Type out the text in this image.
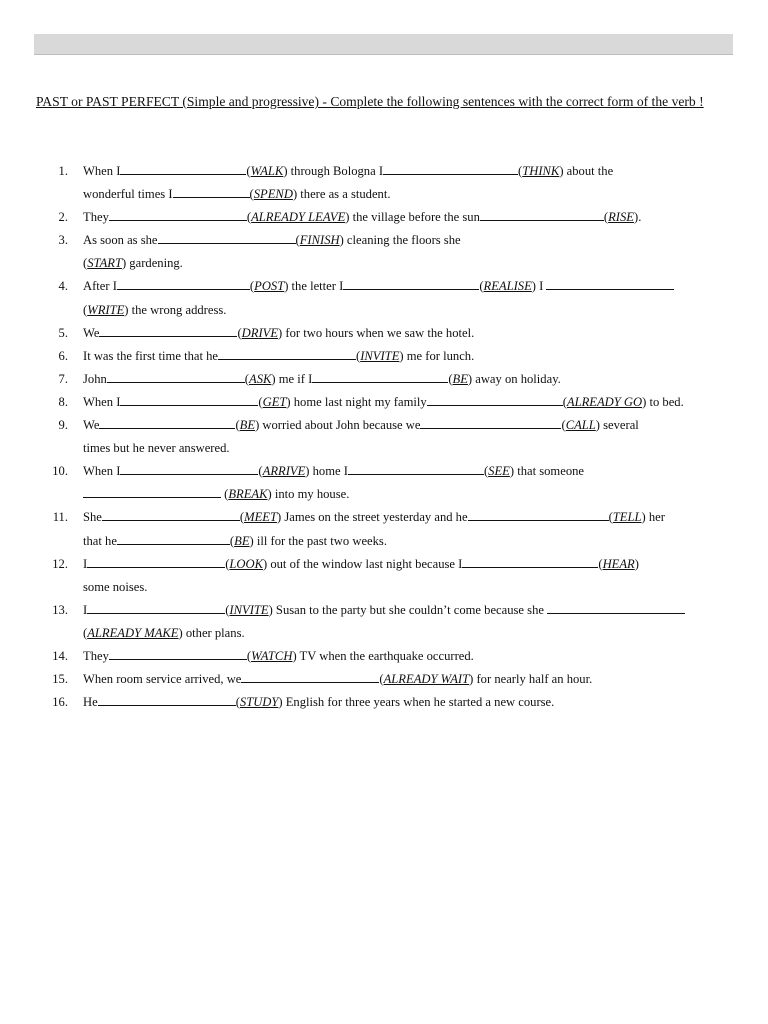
PAST or PAST PERFECT (Simple and progressive) - Complete the following sentences with the correct form of the verb !
1.	When I	(WALK) through Bologna I	(THINK) about the
wonderful times I	(SPEND) there as a student.
2.	They	(ALREADY LEAVE) the village before the sun	(RISE).
3.	As soon as she	(FINISH) cleaning the floors she
(START) gardening.
4.	After I	(POST) the letter I	(REALISE) I
(WRITE) the wrong address.
5.	We	(DRIVE) for two hours when we saw the hotel.
6.	It was the first time that he	(INVITE) me for lunch.
7.	John	(ASK) me if I	(BE) away on holiday.
8.	When I	(GET) home last night my family	(ALREADY GO) to bed.
9.	We	(BE) worried about John because we	(CALL) several
times but he never answered.
10.	When I	(ARRIVE) home I	(SEE) that someone
(BREAK) into my house.
11.	She	(MEET) James on the street yesterday and he	(TELL) her
that he	(BE) ill for the past two weeks.
12.	I	(LOOK) out of the window last night because I	(HEAR)
some noises.
13.	I	(INVITE) Susan to the party but she couldn’t come because she
(ALREADY MAKE) other plans.
14.	They	(WATCH) TV when the earthquake occurred.
15.	When room service arrived, we	(ALREADY WAIT) for nearly half an hour.
16.	He	(STUDY) English for three years when he started a new course.
